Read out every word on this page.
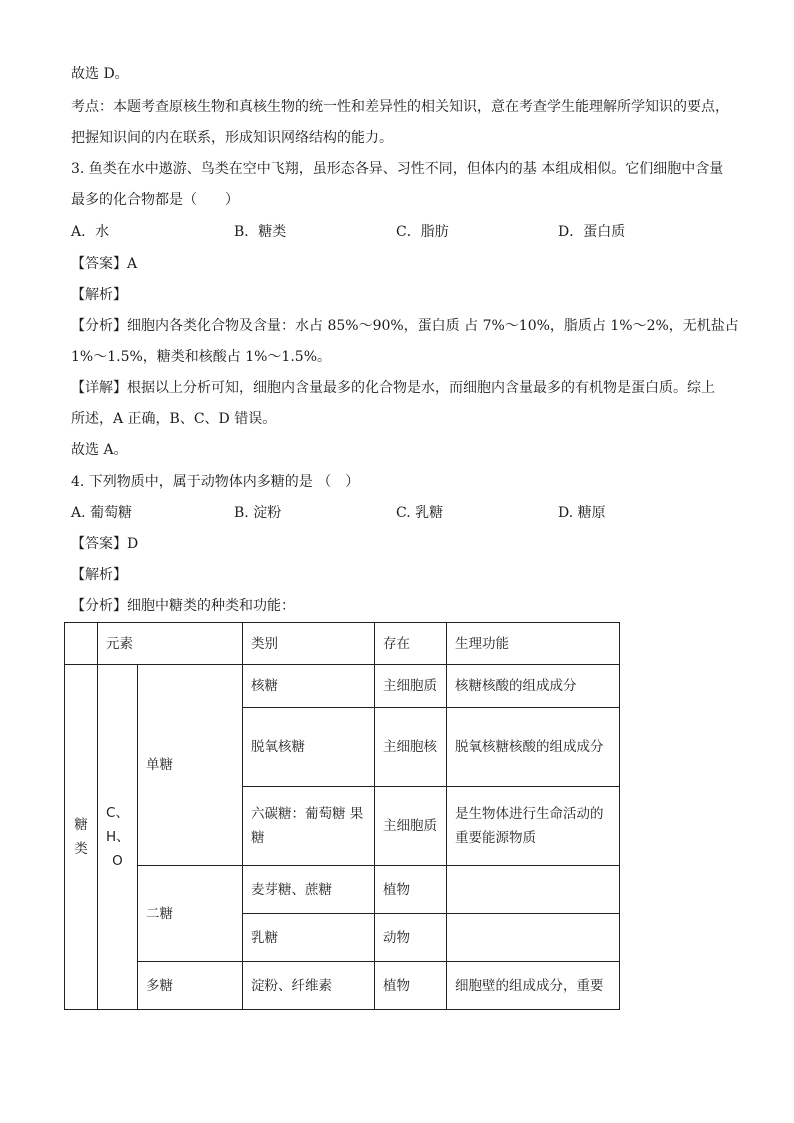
故选 D。
考点：本题考查原核生物和真核生物的统一性和差异性的相关知识，意在考查学生能理解所学知识的要点，
把握知识间的内在联系，形成知识网络结构的能力。
3. 鱼类在水中遨游、鸟类在空中飞翔，虽形态各异、习性不同，但体内的基 本组成相似。它们细胞中含量
最多的化合物都是（　　）
A．水	B．糖类	C．脂肪	D．蛋白质
【答案】A
【解析】
【分析】细胞内各类化合物及含量：水占 85%～90%，蛋白质 占 7%～10%，脂质占 1%～2%，无机盐占
1%～1.5%，糖类和核酸占 1%～1.5%。
【详解】根据以上分析可知，细胞内含量最多的化合物是水，而细胞内含量最多的有机物是蛋白质。综上
所述，A 正确，B、C、D 错误。
故选 A。
4. 下列物质中，属于动物体内多糖的是 （　）
A. 葡萄糖	B. 淀粉	C. 乳糖	D. 糖原
【答案】D
【解析】
【分析】细胞中糖类的种类和功能：
	元素		类别	存在	生理功能
糖
类	C、
H、
O	单糖	核糖	主细胞质	核糖核酸的组成成分
			脱氧核糖	主细胞核	脱氧核糖核酸的组成成分
			六碳糖：葡萄糖 果糖	主细胞质	是生物体进行生命活动的重要能源物质
		二糖	麦芽糖、蔗糖	植物	
			乳糖	动物	
		多糖	淀粉、纤维素	植物	细胞壁的组成成分，重要
